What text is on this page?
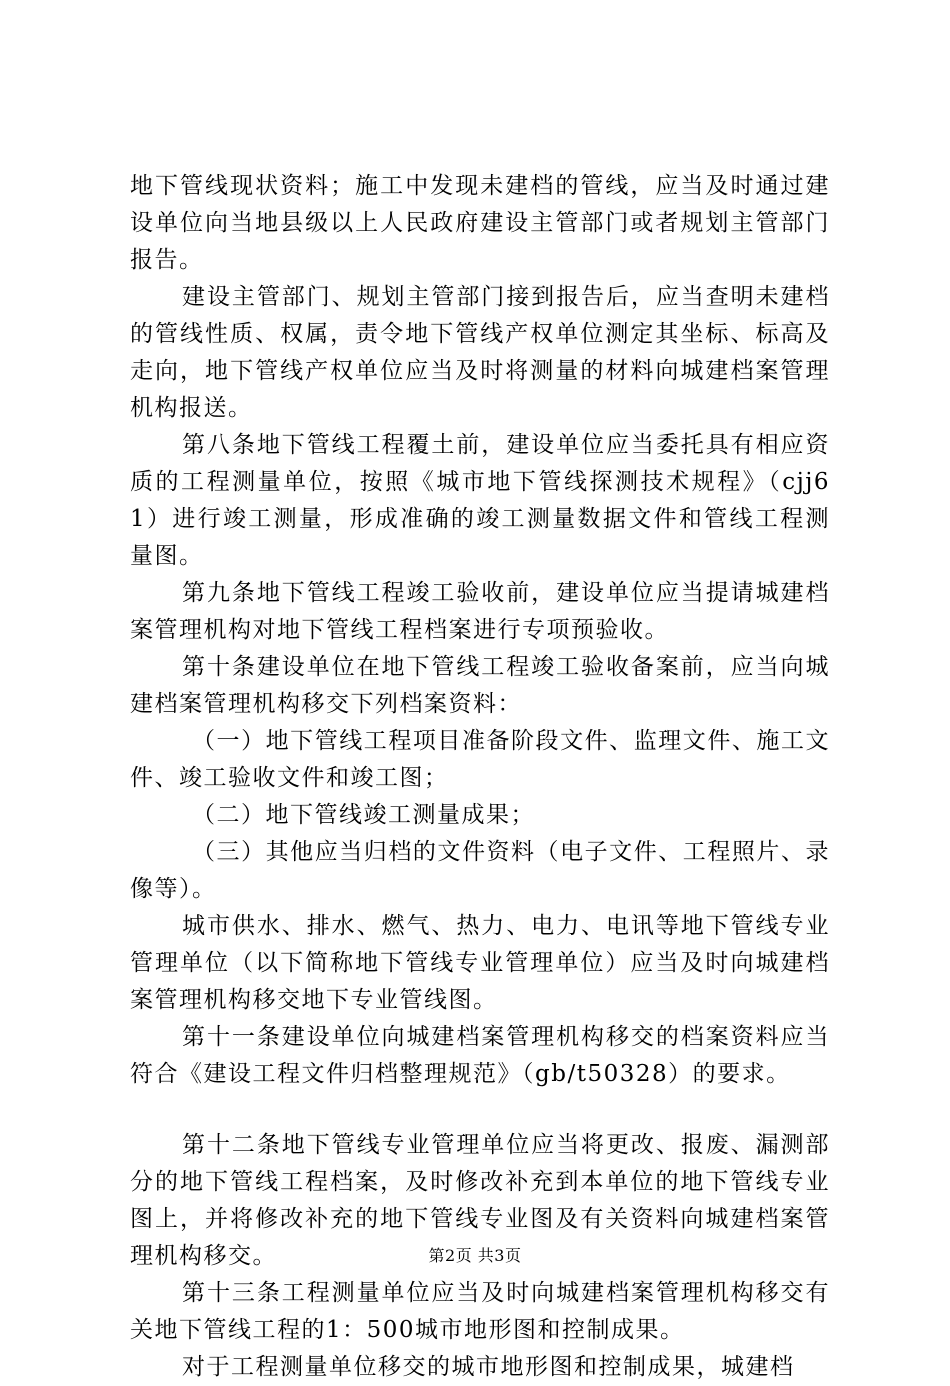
地下管线现状资料；施工中发现未建档的管线，应当及时通过建设单位向当地县级以上人民政府建设主管部门或者规划主管部门报告。

建设主管部门、规划主管部门接到报告后，应当查明未建档的管线性质、权属，责令地下管线产权单位测定其坐标、标高及走向，地下管线产权单位应当及时将测量的材料向城建档案管理机构报送。

第八条地下管线工程覆土前，建设单位应当委托具有相应资质的工程测量单位，按照《城市地下管线探测技术规程》（cjj61）进行竣工测量，形成准确的竣工测量数据文件和管线工程测量图。

第九条地下管线工程竣工验收前，建设单位应当提请城建档案管理机构对地下管线工程档案进行专项预验收。

第十条建设单位在地下管线工程竣工验收备案前，应当向城建档案管理机构移交下列档案资料：

（一）地下管线工程项目准备阶段文件、监理文件、施工文件、竣工验收文件和竣工图；

（二）地下管线竣工测量成果；

（三）其他应当归档的文件资料（电子文件、工程照片、录像等）。

城市供水、排水、燃气、热力、电力、电讯等地下管线专业管理单位（以下简称地下管线专业管理单位）应当及时向城建档案管理机构移交地下专业管线图。

第十一条建设单位向城建档案管理机构移交的档案资料应当符合《建设工程文件归档整理规范》（gb/t50328）的要求。

第十二条地下管线专业管理单位应当将更改、报废、漏测部分的地下管线工程档案，及时修改补充到本单位的地下管线专业图上，并将修改补充的地下管线专业图及有关资料向城建档案管理机构移交。

第十三条工程测量单位应当及时向城建档案管理机构移交有关地下管线工程的1：500城市地形图和控制成果。

对于工程测量单位移交的城市地形图和控制成果，城建档

第2页 共3页
